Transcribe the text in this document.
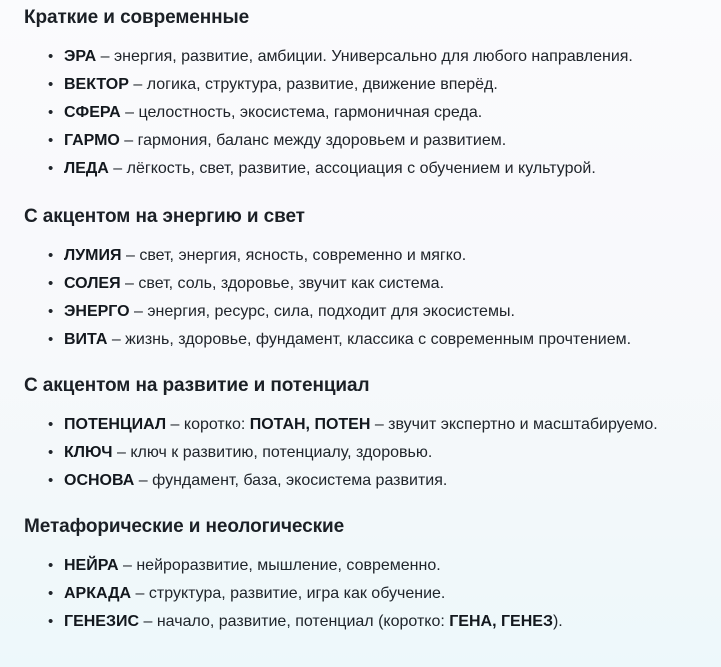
Краткие и современные
• ЭРА – энергия, развитие, амбиции. Универсально для любого направления.
• ВЕКТОР – логика, структура, развитие, движение вперёд.
• СФЕРА – целостность, экосистема, гармоничная среда.
• ГАРМО – гармония, баланс между здоровьем и развитием.
• ЛЕДА – лёгкость, свет, развитие, ассоциация с обучением и культурой.
С акцентом на энергию и свет
• ЛУМИЯ – свет, энергия, ясность, современно и мягко.
• СОЛЕЯ – свет, соль, здоровье, звучит как система.
• ЭНЕРГО – энергия, ресурс, сила, подходит для экосистемы.
• ВИТА – жизнь, здоровье, фундамент, классика с современным прочтением.
С акцентом на развитие и потенциал
• ПОТЕНЦИАЛ – коротко: ПОТАН, ПОТЕН – звучит экспертно и масштабируемо.
• КЛЮЧ – ключ к развитию, потенциалу, здоровью.
• ОСНОВА – фундамент, база, экосистема развития.
Метафорические и неологические
• НЕЙРА – нейроразвитие, мышление, современно.
• АРКАДА – структура, развитие, игра как обучение.
• ГЕНЕЗИС – начало, развитие, потенциал (коротко: ГЕНА, ГЕНЕЗ).
